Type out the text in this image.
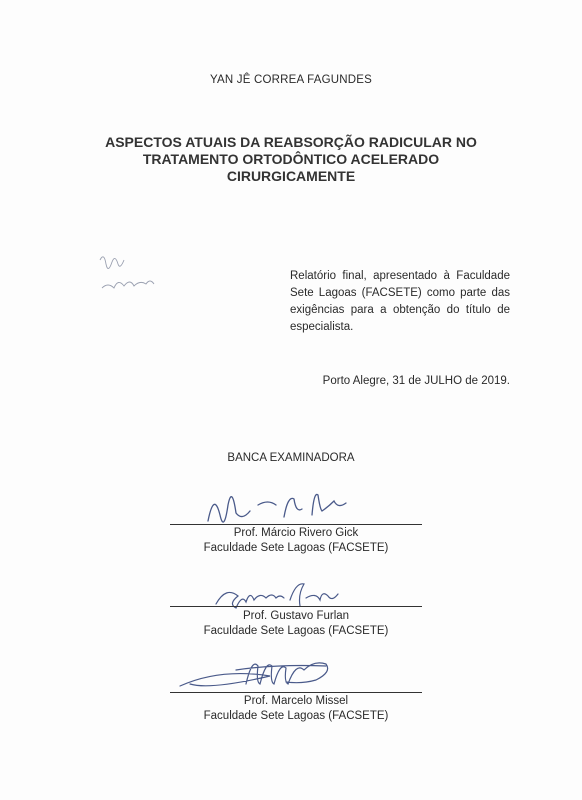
YAN JÊ CORREA FAGUNDES
ASPECTOS ATUAIS DA REABSORÇÃO RADICULAR NO TRATAMENTO ORTODÔNTICO ACELERADO CIRURGICAMENTE
Relatório final, apresentado à Faculdade Sete Lagoas (FACSETE) como parte das exigências para a obtenção do título de especialista.
Porto Alegre, 31 de JULHO de 2019.
BANCA EXAMINADORA
Prof. Márcio Rivero Gick
Faculdade Sete Lagoas (FACSETE)
Prof. Gustavo Furlan
Faculdade Sete Lagoas (FACSETE)
Prof. Marcelo Missel
Faculdade Sete Lagoas (FACSETE)
